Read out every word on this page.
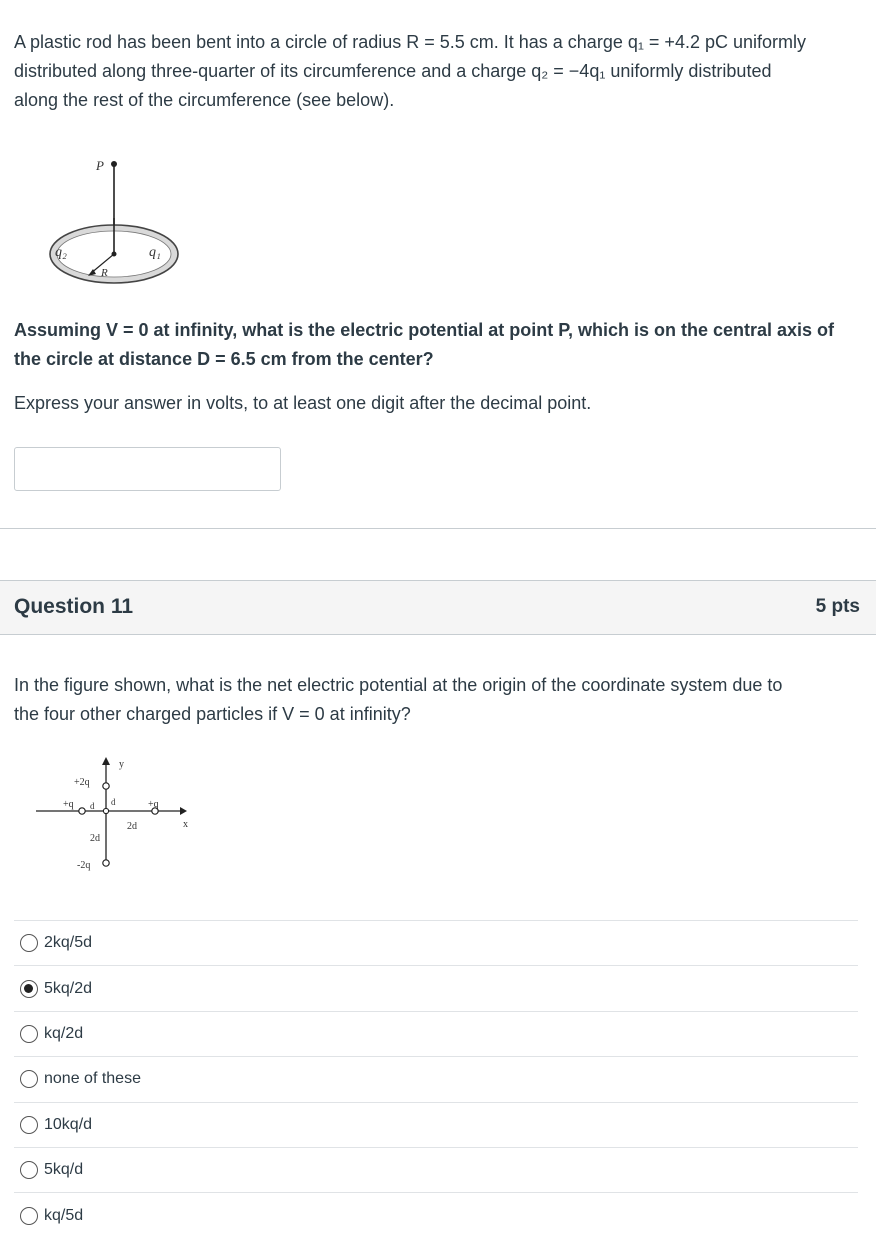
A plastic rod has been bent into a circle of radius R = 5.5 cm. It has a charge q₁ = +4.2 pC uniformly

distributed along three-quarter of its circumference and a charge q₂ = −4q₁ uniformly distributed

along the rest of the circumference (see below).

P
R
q₂	q₁

Assuming V = 0 at infinity, what is the electric potential at point P, which is on the central axis of

the circle at distance D = 6.5 cm from the center?

Express your answer in volts, to at least one digit after the decimal point.

Question 11	5 pts

In the figure shown, what is the net electric potential at the origin of the coordinate system due to

the four other charged particles if V = 0 at infinity?

y
x
+2q
-2q
+q	+q
d d
2d
2d
2kq/5d
5kq/2d
kq/2d
none of these
10kq/d
5kq/d
kq/5d
